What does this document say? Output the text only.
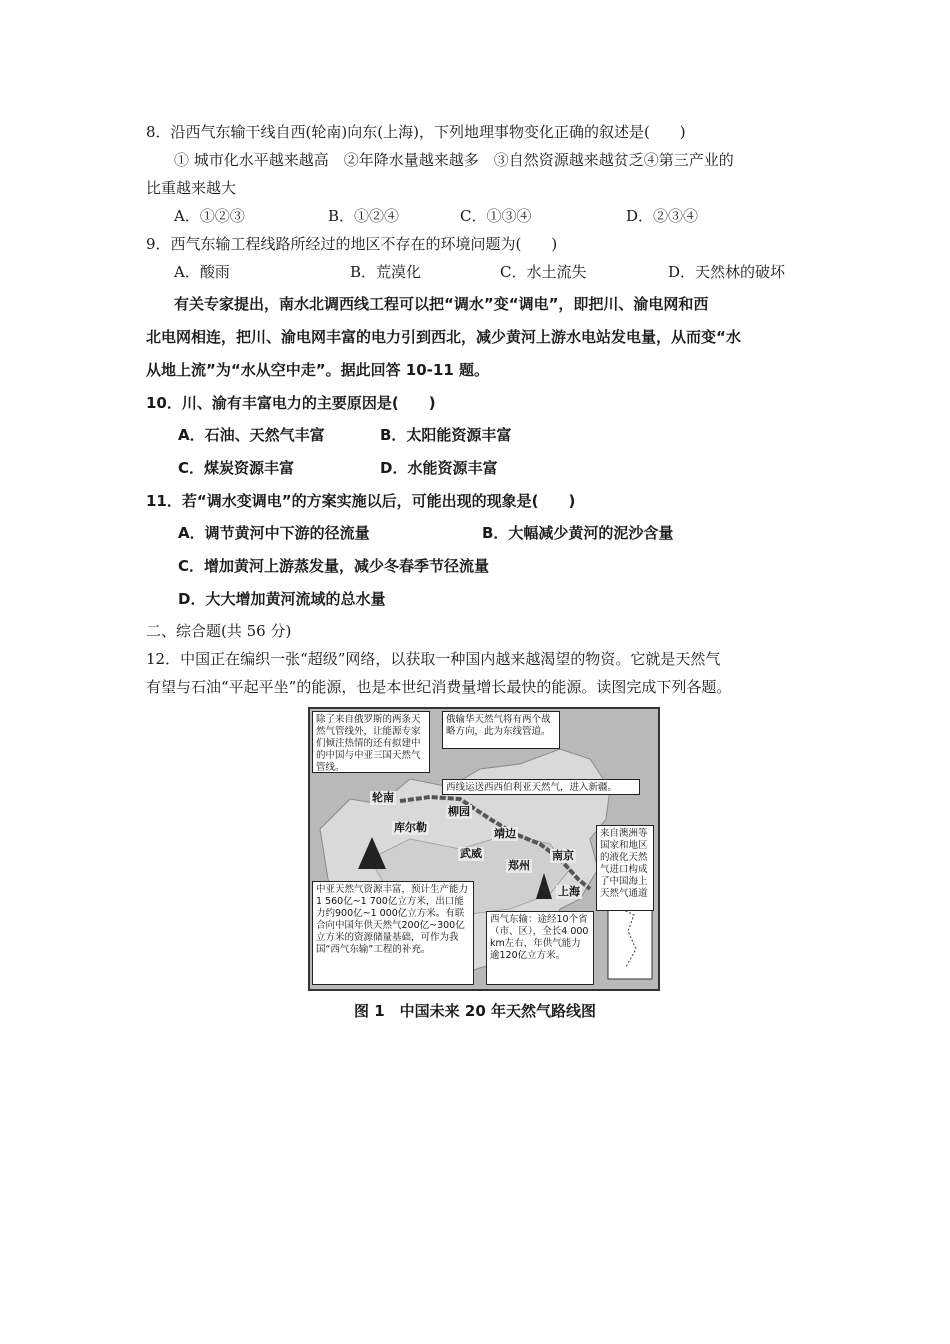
8．沿西气东输干线自西(轮南)向东(上海)，下列地理事物变化正确的叙述是(　　)
① 城市化水平越来越高　②年降水量越来越多　③自然资源越来越贫乏④第三产业的
比重越来越大
A．①②③	B．①②④	C．①③④	D．②③④
9．西气东输工程线路所经过的地区不存在的环境问题为(　　)
A．酸雨	B．荒漠化	C．水土流失	D．天然林的破坏
有关专家提出，南水北调西线工程可以把“调水”变“调电”，即把川、渝电网和西
北电网相连，把川、渝电网丰富的电力引到西北，减少黄河上游水电站发电量，从而变“水
从地上流”为“水从空中走”。据此回答 10-11 题。
10．川、渝有丰富电力的主要原因是(　　)
A．石油、天然气丰富	B．太阳能资源丰富
C．煤炭资源丰富	D．水能资源丰富
11．若“调水变调电”的方案实施以后，可能出现的现象是(　　)
A．调节黄河中下游的径流量	B．大幅减少黄河的泥沙含量
C．增加黄河上游蒸发量，减少冬春季节径流量
D．大大增加黄河流域的总水量
二、综合题(共 56 分)
12．中国正在编织一张“超级”网络，以获取一种国内越来越渴望的物资。它就是天然气
有望与石油“平起平坐”的能源，也是本世纪消费量增长最快的能源。读图完成下列各题。
除了来自俄罗斯的两条天然气管线外，让能源专家们倾注热情的还有拟建中的中国与中亚三国天然气管线。
俄输华天然气将有两个战略方向，此为东线管道。
西线运送西西伯利亚天然气，进入新疆。
来自澳洲等国家和地区的液化天然气进口构成了中国海上天然气通道
中亚天然气资源丰富，预计生产能力1 560亿~1 700亿立方米，出口能力约900亿~1 000亿立方米。有联合向中国年供天然气200亿~300亿立方米的资源储量基础，可作为我国“西气东输”工程的补充。
西气东输：途经10个省（市、区），全长4 000 km左右，年供气能力逾120亿立方米。
轮南
库尔勒
柳园
靖边
武威
郑州
南京
上海
图 1　中国未来 20 年天然气路线图
